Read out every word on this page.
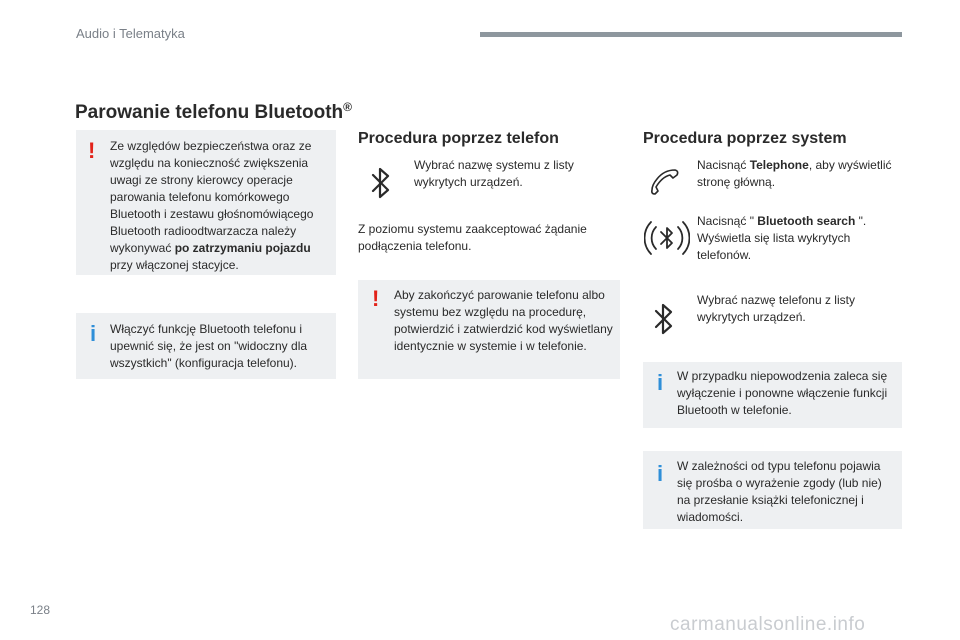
Audio i Telematyka
Parowanie telefonu Bluetooth®
! Ze względów bezpieczeństwa oraz ze względu na konieczność zwiększenia uwagi ze strony kierowcy operacje parowania telefonu komórkowego Bluetooth i zestawu głośnomówiącego Bluetooth radioodtwarzacza należy wykonywać po zatrzymaniu pojazdu przy włączonej stacyjce.
i Włączyć funkcję Bluetooth telefonu i upewnić się, że jest on "widoczny dla wszystkich" (konfiguracja telefonu).
Procedura poprzez telefon
Wybrać nazwę systemu z listy wykrytych urządzeń.
Z poziomu systemu zaakceptować żądanie podłączenia telefonu.
! Aby zakończyć parowanie telefonu albo systemu bez względu na procedurę, potwierdzić i zatwierdzić kod wyświetlany identycznie w systemie i w telefonie.
Procedura poprzez system
Nacisnąć Telephone, aby wyświetlić stronę główną.
Nacisnąć " Bluetooth search ". Wyświetla się lista wykrytych telefonów.
Wybrać nazwę telefonu z listy wykrytych urządzeń.
i W przypadku niepowodzenia zaleca się wyłączenie i ponowne włączenie funkcji Bluetooth w telefonie.
i W zależności od typu telefonu pojawia się prośba o wyrażenie zgody (lub nie) na przesłanie książki telefonicznej i wiadomości.
128
carmanualsonline.info
